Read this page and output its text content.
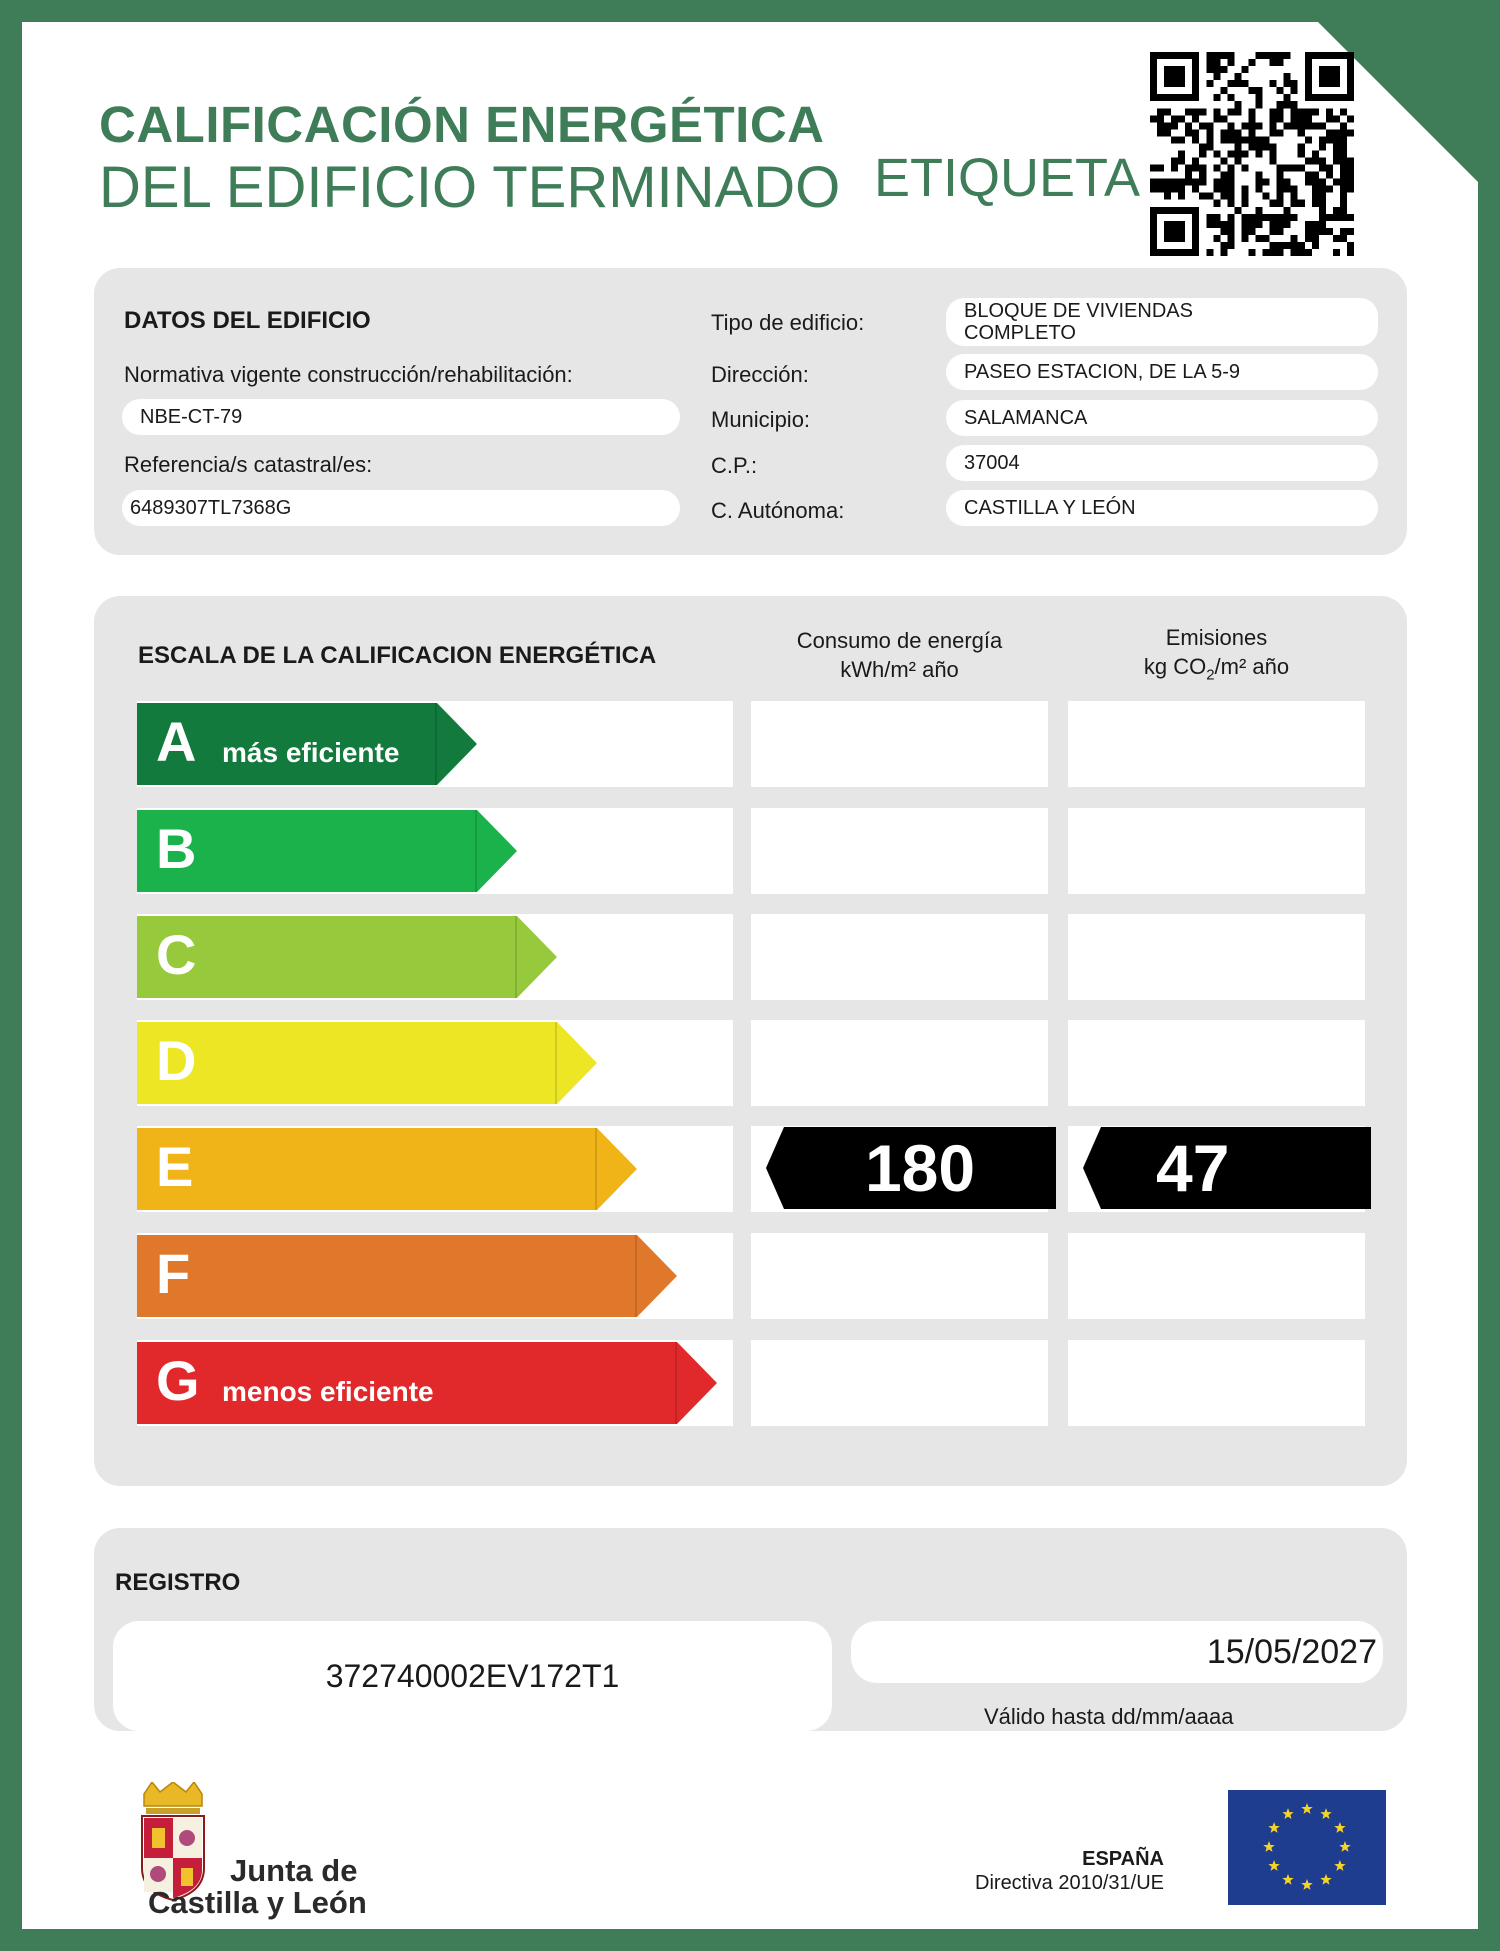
CALIFICACIÓN ENERGÉTICA
DEL EDIFICIO TERMINADO ETIQUETA
DATOS DEL EDIFICIO
Normativa vigente construcción/rehabilitación:
NBE-CT-79
Referencia/s catastral/es:
6489307TL7368G
Tipo de edificio:	BLOQUE DE VIVIENDAS
COMPLETO
Dirección:	PASEO ESTACION, DE LA 5-9
Municipio:	SALAMANCA
C.P.:	37004
C. Autónoma:	CASTILLA Y LEÓN
ESCALA DE LA CALIFICACION ENERGÉTICA
Consumo de energía
kWh/m² año
Emisiones
kg $CO_2/m^2$ año
A más eficiente
B
C
D
E	180	47
F
G menos eficiente
REGISTRO
372740002EV172T1
15/05/2027
Válido hasta dd/mm/aaaa
Junta de
Castilla y León
ESPAÑA
Directiva 2010/31/UE
